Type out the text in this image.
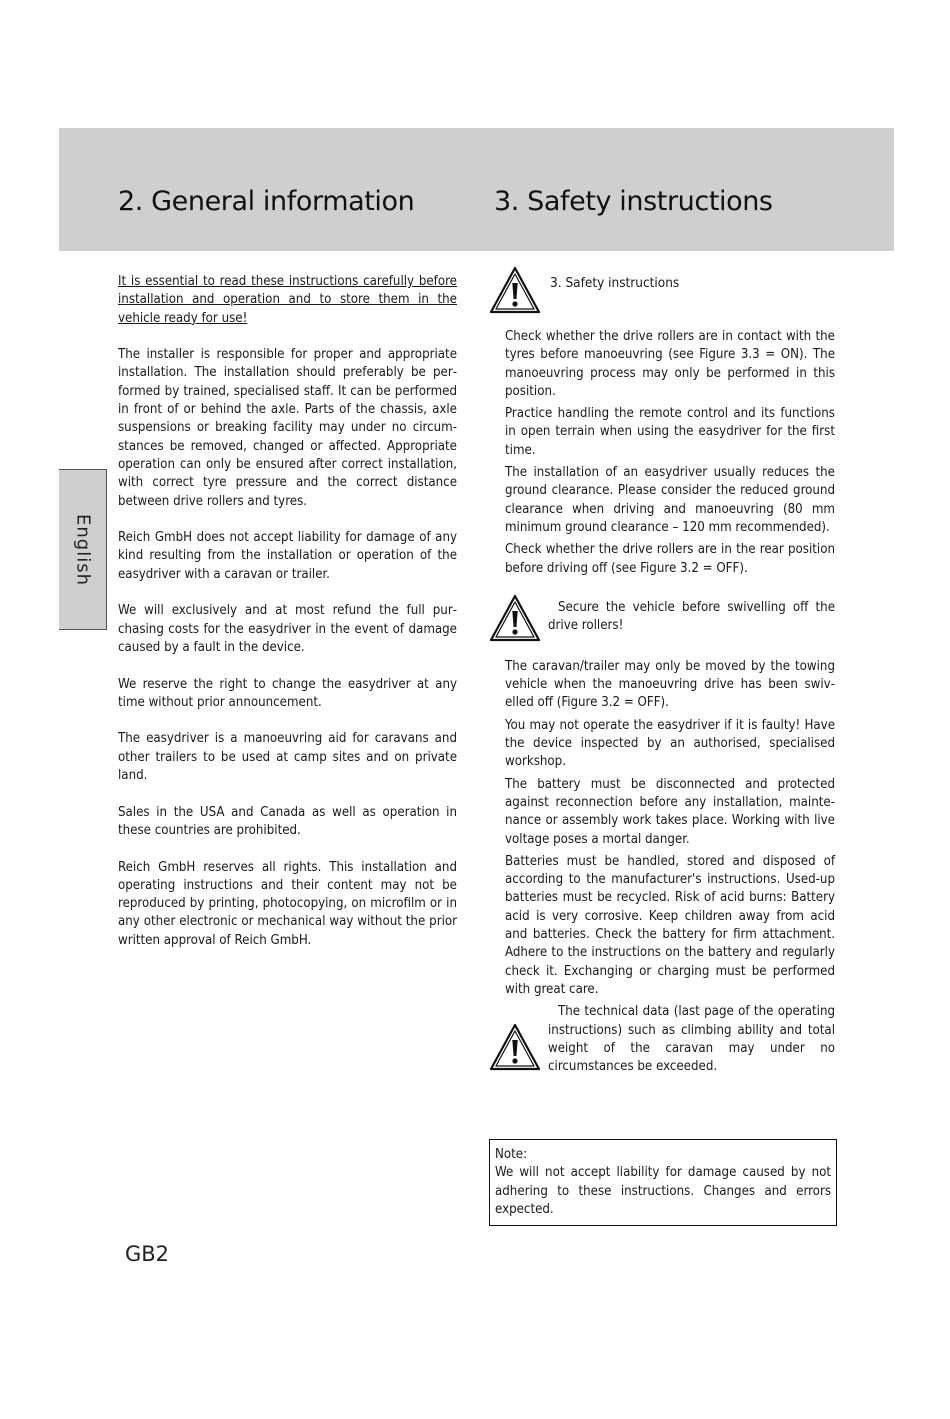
2. General information	3. Safety instructions
English

It is essential to read these instructions carefully before installation and operation and to store them in the vehicle ready for use!

The installer is responsible for proper and appropriate installation. The installation should preferably be performed by trained, specialised staff. It can be performed in front of or behind the axle. Parts of the chassis, axle suspensions or breaking facility may under no circumstances be removed, changed or affected. Appropriate operation can only be ensured after correct installation, with correct tyre pressure and the correct distance between drive rollers and tyres.

Reich GmbH does not accept liability for damage of any kind resulting from the installation or operation of the easydriver with a caravan or trailer.

We will exclusively and at most refund the full purchasing costs for the easydriver in the event of damage caused by a fault in the device.

We reserve the right to change the easydriver at any time without prior announcement.

The easydriver is a manoeuvring aid for caravans and other trailers to be used at camp sites and on private land.

Sales in the USA and Canada as well as operation in these countries are prohibited.

Reich GmbH reserves all rights. This installation and operating instructions and their content may not be reproduced by printing, photocopying, on microfilm or in any other electronic or mechanical way without the prior written approval of Reich GmbH.

3. Safety instructions

Check whether the drive rollers are in contact with the tyres before manoeuvring (see Figure 3.3 = ON). The manoeuvring process may only be performed in this position.

Practice handling the remote control and its functions in open terrain when using the easydriver for the first time.

The installation of an easydriver usually reduces the ground clearance. Please consider the reduced ground clearance when driving and manoeuvring (80 mm minimum ground clearance – 120 mm recommended).

Check whether the drive rollers are in the rear position before driving off (see Figure 3.2 = OFF).

Secure the vehicle before swivelling off the drive rollers!

The caravan/trailer may only be moved by the towing vehicle when the manoeuvring drive has been swivelled off (Figure 3.2 = OFF).

You may not operate the easydriver if it is faulty! Have the device inspected by an authorised, specialised workshop.

The battery must be disconnected and protected against reconnection before any installation, maintenance or assembly work takes place. Working with live voltage poses a mortal danger.

Batteries must be handled, stored and disposed of according to the manufacturer's instructions. Used-up batteries must be recycled. Risk of acid burns: Battery acid is very corrosive. Keep children away from acid and batteries. Check the battery for firm attachment. Adhere to the instructions on the battery and regularly check it. Exchanging or charging must be performed with great care.

The technical data (last page of the operating instructions) such as climbing ability and total weight of the caravan may under no circumstances be exceeded.

Note:
We will not accept liability for damage caused by not adhering to these instructions. Changes and errors expected.
GB2
